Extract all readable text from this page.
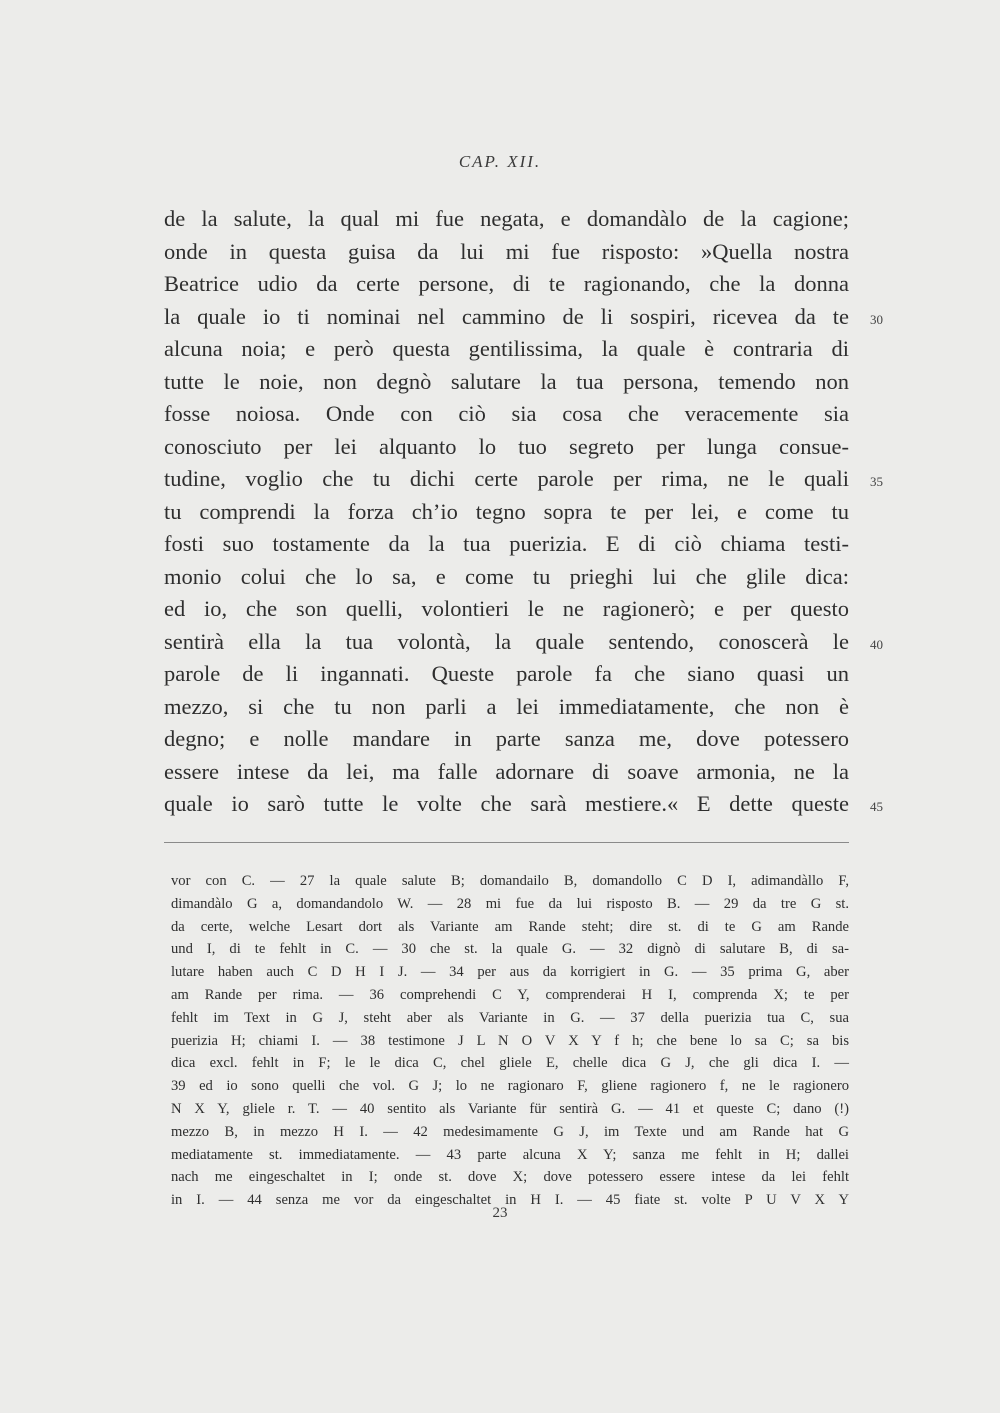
CAP. XII.
de la salute, la qual mi fue negata, e domandàlo de la cagione;
onde in questa guisa da lui mi fue risposto: »Quella nostra
Beatrice udio da certe persone, di te ragionando, che la donna
la quale io ti nominai nel cammino de li sospiri, ricevea da te 30
alcuna noia; e però questa gentilissima, la quale è contraria di
tutte le noie, non degnò salutare la tua persona, temendo non
fosse noiosa. Onde con ciò sia cosa che veracemente sia
conosciuto per lei alquanto lo tuo segreto per lunga consue-
tudine, voglio che tu dichi certe parole per rima, ne le quali 35
tu comprendi la forza ch’io tegno sopra te per lei, e come tu
fosti suo tostamente da la tua puerizia. E di ciò chiama testi-
monio colui che lo sa, e come tu prieghi lui che glile dica:
ed io, che son quelli, volontieri le ne ragionerò; e per questo
sentirà ella la tua volontà, la quale sentendo, conoscerà le 40
parole de li ingannati. Queste parole fa che siano quasi un
mezzo, si che tu non parli a lei immediatamente, che non è
degno; e nolle mandare in parte sanza me, dove potessero
essere intese da lei, ma falle adornare di soave armonia, ne la
quale io sarò tutte le volte che sarà mestiere.« E dette queste 45
vor con C. — 27 la quale salute B; domandailo B, domandollo C D I, adimandàllo F,
dimandàlo G a, domandandolo W. — 28 mi fue da lui risposto B. — 29 da tre G st.
da certe, welche Lesart dort als Variante am Rande steht; dire st. di te G am Rande
und I, di te fehlt in C. — 30 che st. la quale G. — 32 dignò di salutare B, di sa-
lutare haben auch C D H I J. — 34 per aus da korrigiert in G. — 35 prima G, aber
am Rande per rima. — 36 comprehendi C Y, comprenderai H I, comprenda X; te per
fehlt im Text in G J, steht aber als Variante in G. — 37 della puerizia tua C, sua
puerizia H; chiami I. — 38 testimone J L N O V X Y f h; che bene lo sa C; sa bis
dica excl. fehlt in F; le le dica C, chel gliele E, chelle dica G J, che gli dica I. —
39 ed io sono quelli che vol. G J; lo ne ragionaro F, gliene ragionero f, ne le ragionero
N X Y, gliele r. T. — 40 sentito als Variante für sentirà G. — 41 et queste C; dano (!)
mezzo B, in mezzo H I. — 42 medesimamente G J, im Texte und am Rande hat G
mediatamente st. immediatamente. — 43 parte alcuna X Y; sanza me fehlt in H; dallei
nach me eingeschaltet in I; onde st. dove X; dove potessero essere intese da lei fehlt
in I. — 44 senza me vor da eingeschaltet in H I. — 45 fiate st. volte P U V X Y
23
